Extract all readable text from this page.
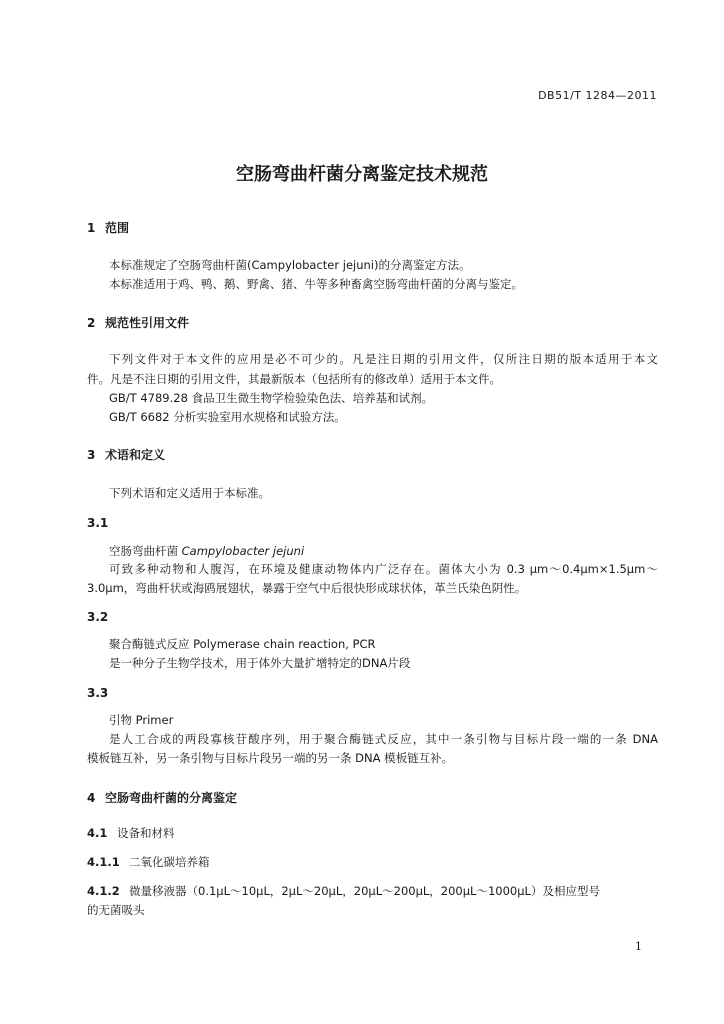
DB51/T 1284—2011
空肠弯曲杆菌分离鉴定技术规范
1 范围
本标准规定了空肠弯曲杆菌(Campylobacter jejuni)的分离鉴定方法。
本标准适用于鸡、鸭、鹅、野禽、猪、牛等多种畜禽空肠弯曲杆菌的分离与鉴定。
2 规范性引用文件
下列文件对于本文件的应用是必不可少的。凡是注日期的引用文件，仅所注日期的版本适用于本文
件。凡是不注日期的引用文件，其最新版本（包括所有的修改单）适用于本文件。
GB/T 4789.28 食品卫生微生物学检验染色法、培养基和试剂。
GB/T 6682 分析实验室用水规格和试验方法。
3 术语和定义
下列术语和定义适用于本标准。
3.1
空肠弯曲杆菌 Campylobacter jejuni
可致多种动物和人腹泻，在环境及健康动物体内广泛存在。菌体大小为 0.3 μm～0.4μm×1.5μm～
3.0μm，弯曲杆状或海鸥展翅状，暴露于空气中后很快形成球状体，革兰氏染色阴性。
3.2
聚合酶链式反应 Polymerase chain reaction, PCR
是一种分子生物学技术，用于体外大量扩增特定的DNA片段
3.3
引物 Primer
是人工合成的两段寡核苷酸序列，用于聚合酶链式反应，其中一条引物与目标片段一端的一条 DNA
模板链互补，另一条引物与目标片段另一端的另一条 DNA 模板链互补。
4 空肠弯曲杆菌的分离鉴定
4.1 设备和材料
4.1.1 二氧化碳培养箱
4.1.2 微量移液器（0.1μL～10μL，2μL～20μL，20μL～200μL，200μL～1000μL）及相应型号
的无菌吸头
1
